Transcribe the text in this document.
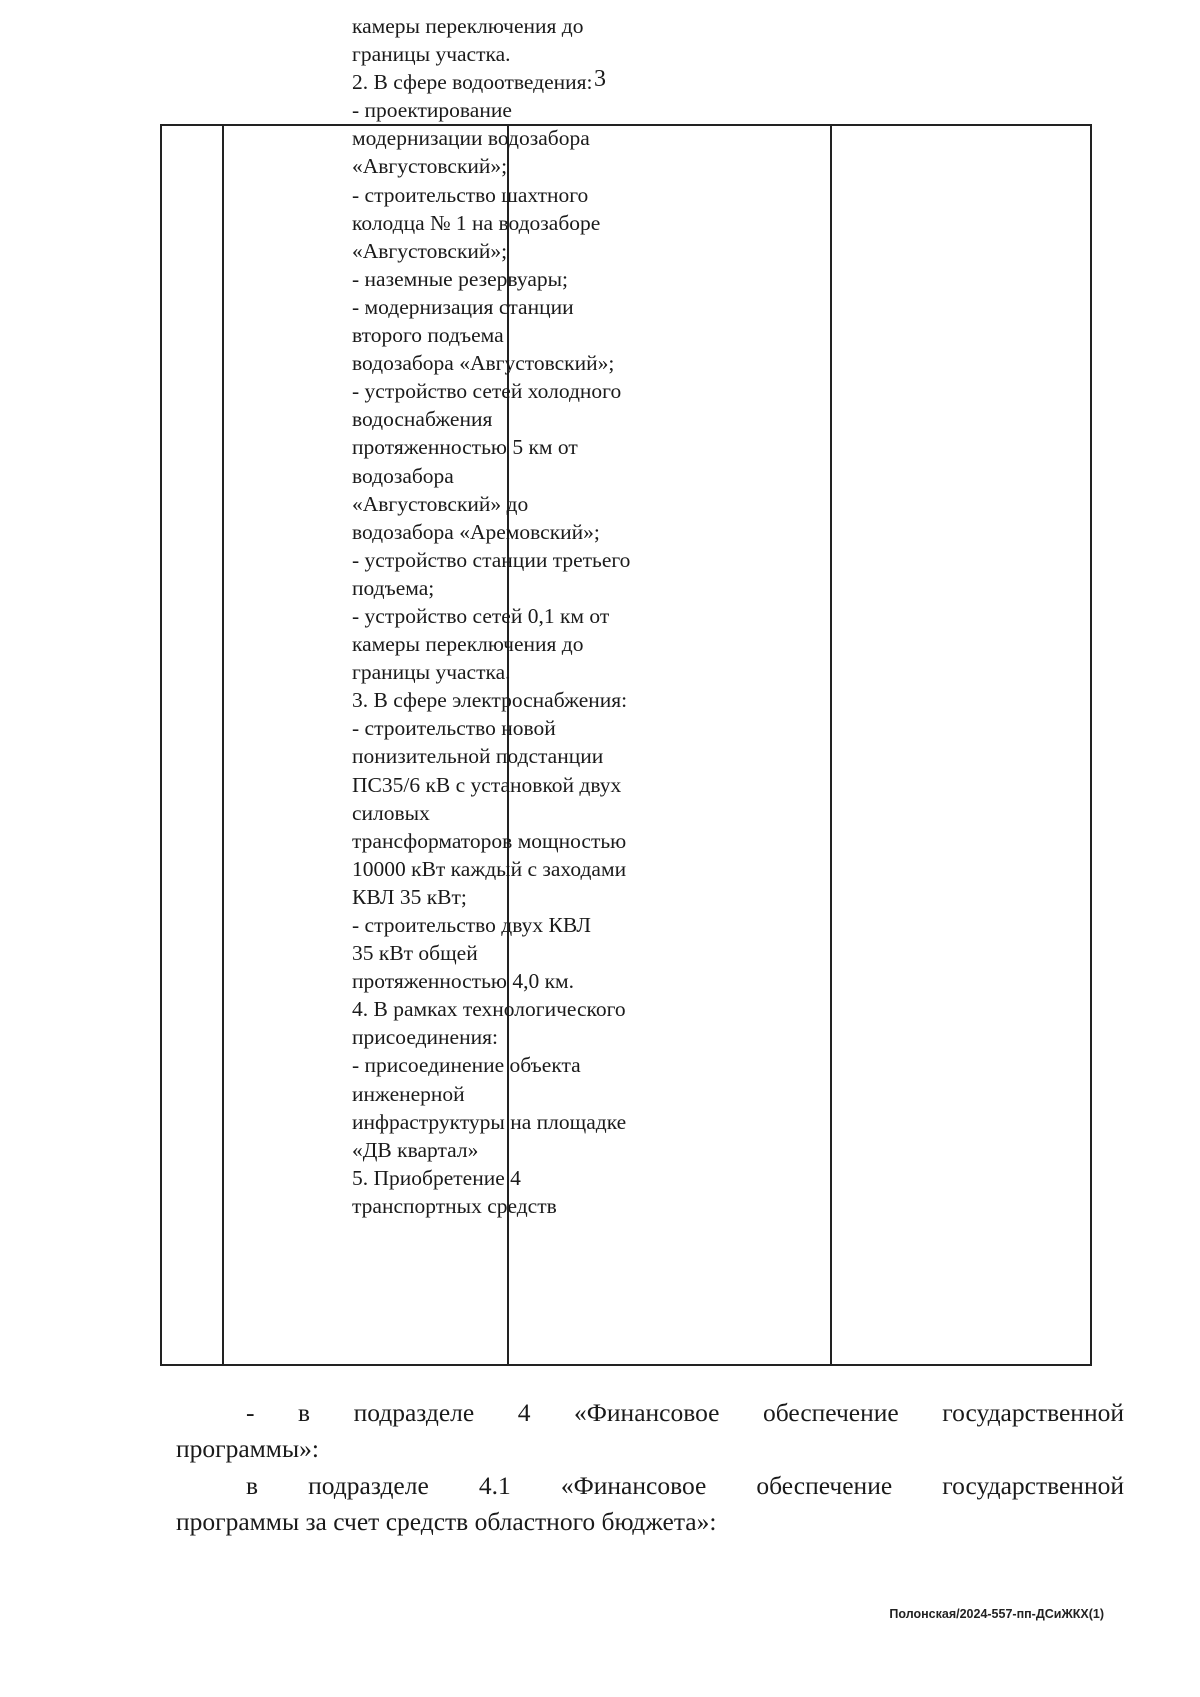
3
камеры переключения до
границы участка.
2. В сфере водоотведения:
- проектирование
модернизации водозабора
«Августовский»;
- строительство шахтного
колодца № 1 на водозаборе
«Августовский»;
- наземные резервуары;
- модернизация станции
второго подъема
водозабора «Августовский»;
- устройство сетей холодного
водоснабжения
протяженностью 5 км от
водозабора
«Августовский» до
водозабора «Аремовский»;
- устройство станции третьего
подъема;
- устройство сетей 0,1 км от
камеры переключения до
границы участка.
3. В сфере электроснабжения:
- строительство новой
понизительной подстанции
ПС35/6 кВ с установкой двух
силовых
трансформаторов мощностью
10000 кВт каждый с заходами
КВЛ 35 кВт;
- строительство двух КВЛ
35 кВт общей
протяженностью 4,0 км.
4. В рамках технологического
присоединения:
- присоединение объекта
инженерной
инфраструктуры на площадке
«ДВ квартал»
5. Приобретение 4
транспортных средств

- в подразделе 4 «Финансовое обеспечение государственной
программы»:

в подразделе 4.1 «Финансовое обеспечение государственной
программы за счет средств областного бюджета»:

Полонская/2024-557-пп-ДСиЖКХ(1)
